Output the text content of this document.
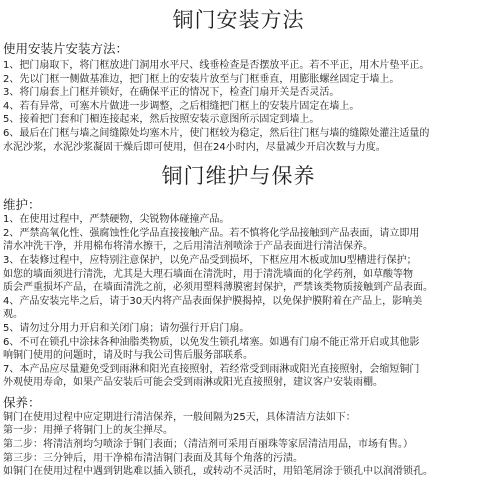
铜门安装方法
使用安装片安装方法：
1、把门扇取下，将门框放进门洞用水平尺、线垂检查是否摆放平正。若不平正，用木片垫平正。
2、先以门框一侧做基准边，把门框上的安装片放至与门框垂直，用膨胀螺丝固定于墙上。
3、将门扇套上门框并锁好，在确保平正的情况下，检查门扇开关是否灵活。
4、若有异常，可塞木片做进一步调整，之后相缝把门框上的安装片固定在墙上。
5、接着把门套和门楣连接起来，然后按照安装示意图所示固定到墙上。
6、最后在门框与墙之间缝隙处均塞木片，使门框较为稳定，然后往门框与墙的缝隙处灌注适量的
水泥沙浆，水泥沙浆凝固干燥后即可使用，但在24小时内，尽量减少开启次数与力度。
铜门维护与保养
维护：
1、在使用过程中，严禁硬物，尖锐物体碰撞产品。
2、严禁高氧化性、强腐蚀性化学品直接接触产品。若不慎将化学品接触到产品表面，请立即用
清水冲洗干净，并用棉布将清水擦干，之后用清洁剂喷涂于产品表面进行清洁保养。
3、在装修过程中，应特别注意保护，以免产品受到损坏，下框应用木板或加U型槽进行保护；
如您的墙面须进行清洗，尤其是大理石墙面在清洗时，用于清洗墙面的化学药剂，如草酸等物
质会严重损坏产品，在墙面清洗之前，必须用塑料薄膜密封保护，严禁该类物质接触到产品表面。
4、产品安装完毕之后，请于30天内将产品表面保护膜揭掉，以免保护膜附着在产品上，影响美
观。
5、请勿过分用力开启和关闭门扇；请勿强行开启门扇。
6、不可在锁孔中涂抹各种油脂类物质，以免发生锁孔堵塞。如遇有门扇不能正常开启或其他影
响铜门使用的问题时，请及时与我公司售后服务部联系。
7、本产品应尽量避免受到雨淋和阳光直接照射，若经常受到雨淋或阳光直接照射，会缩短铜门
外观使用寿命，如果产品安装后可能会受到雨淋或阳光直接照射，建议客户安装雨棚。
保养：
铜门在使用过程中应定期进行清洁保养，一般间隔为25天，具体清洁方法如下：
第一步：用掸子将铜门上的灰尘掸尽。
第二步：将清洁剂均匀喷涂于铜门表面；（清洁剂可采用百丽珠等家居清洁用品，市场有售。）
第三步：三分钟后，用干净棉布清洁铜门表面及其每个角落的污渍。
如铜门在使用过程中遇到钥匙难以插入锁孔，或转动不灵活时，用铅笔屑涂于锁孔中以润滑锁孔。
